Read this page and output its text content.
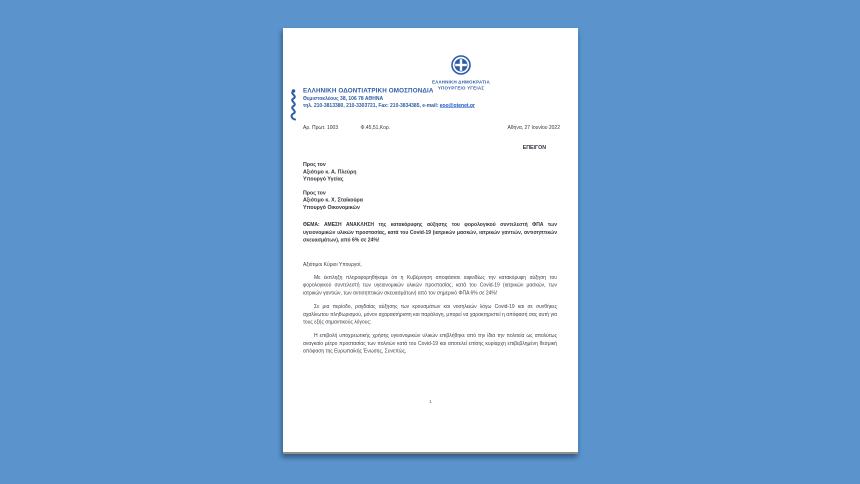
ΕΛΛΗΝΙΚΗ ΔΗΜΟΚΡΑΤΙΑ
ΥΠΟΥΡΓΕΙΟ ΥΓΕΙΑΣ
ΕΛΛΗΝΙΚΗ ΟΔΟΝΤΙΑΤΡΙΚΗ ΟΜΟΣΠΟΝΔΙΑ
Θεμιστοκλέους 38, 106 78 ΑΘΗΝΑ
τηλ. 210-3813380, 210-3303721, Fax: 210-3834385, e-mail: eoo@otenet.gr
Αρ. Πρωτ. 1003 Φ.45,51,Κορ.	Αθήνα, 27 Ιουνίου 2022
ΕΠΕΙΓΟΝ
Προς τον
Αξιότιμο κ. Α. Πλεύρη
Υπουργό Υγείας
Προς τον
Αξιότιμο κ. Χ. Σταϊκούρα
Υπουργό Οικονομικών
ΘΕΜΑ: ΑΜΕΣΗ ΑΝΑΚΛΗΣΗ της κατακόρυφης αύξησης του φορολογικού συντελεστή ΦΠΑ των υγειονομικών υλικών προστασίας, κατά του Covid-19 (ιατρικών μασκών, ιατρικών γαντιών, αντισηπτικών σκευασμάτων), από 6% σε 24%!
Αξιότιμοι Κύριοι Υπουργοί,

Με έκπληξη πληροφορηθήκαμε ότι η Κυβέρνηση αποφάσισε αιφνιδίως την κατακόρυφη αύξηση του φορολογικού συντελεστή των υγειονομικών υλικών προστασίας, κατά του Covid-19 (ιατρικών μασκών, των ιατρικών γαντιών, των αντισηπτικών σκευασμάτων) από τον σημερινό ΦΠΑ 6% σε 24%!

Σε μια περίοδο, ραγδαίας αύξησης των κρουσμάτων και νοσηλειών λόγω Covid-19 και σε συνθήκες αχαλίνωτου πληθωρισμού, μόνον αχαρακτήριστη και παράλογη, μπορεί να χαρακτηριστεί η απόφασή σας αυτή για τους εξής σημαντικούς λόγους:

Η επιβολή υποχρεωτικής χρήσης υγειονομικών υλικών επιβλήθηκε από την ίδια την πολιτεία ως απολύτως αναγκαίο μέτρο προστασίας των πολιτών κατά του Covid-19 και αποτελεί επίσης κυρίαρχη επιβεβλημένη θεσμική απόφαση της Ευρωπαϊκής Ένωσης, Συνεπώς,

1
